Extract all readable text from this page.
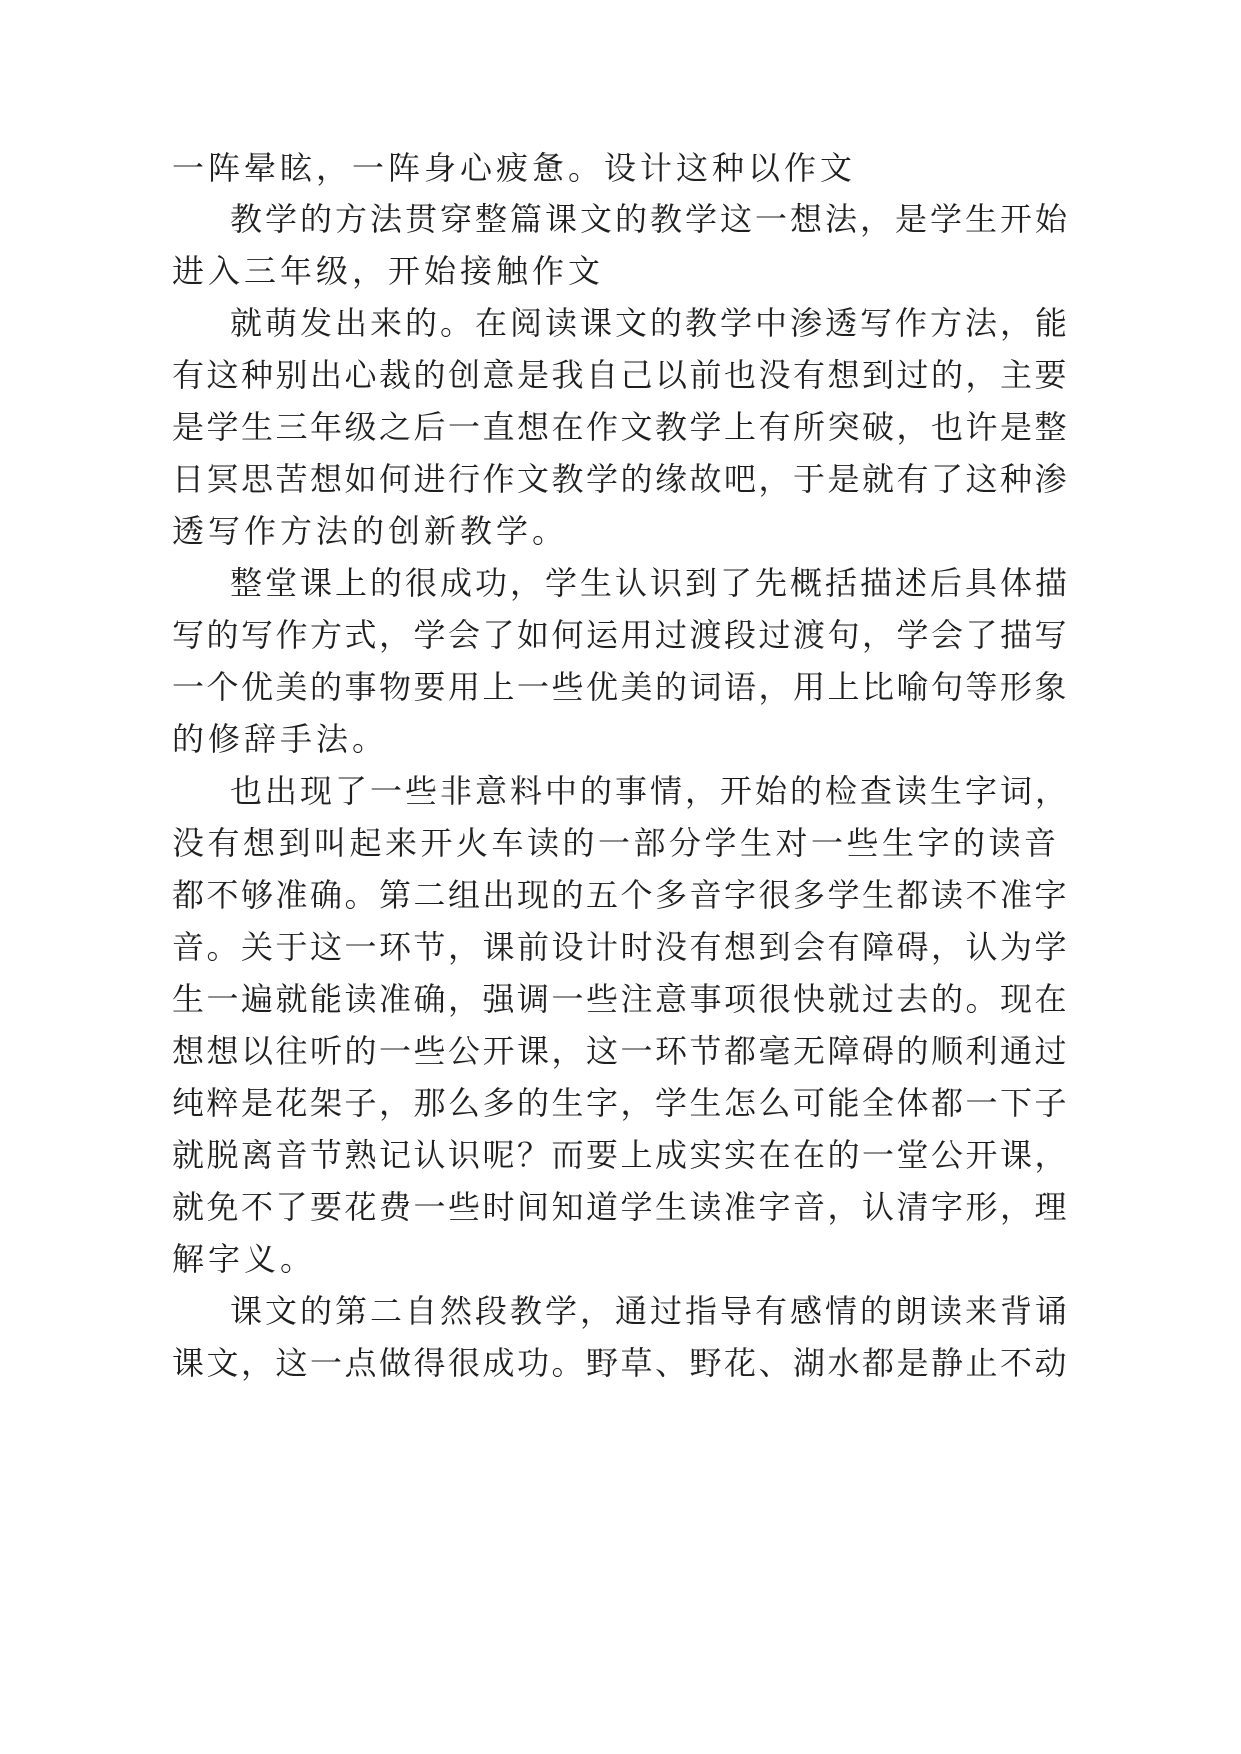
一阵晕眩，一阵身心疲惫。设计这种以作文
教学的方法贯穿整篇课文的教学这一想法，是学生开始
进入三年级，开始接触作文
就萌发出来的。在阅读课文的教学中渗透写作方法，能
有这种别出心裁的创意是我自己以前也没有想到过的，主要
是学生三年级之后一直想在作文教学上有所突破，也许是整
日冥思苦想如何进行作文教学的缘故吧，于是就有了这种渗
透写作方法的创新教学。
整堂课上的很成功，学生认识到了先概括描述后具体描
写的写作方式，学会了如何运用过渡段过渡句，学会了描写
一个优美的事物要用上一些优美的词语，用上比喻句等形象
的修辞手法。
也出现了一些非意料中的事情，开始的检查读生字词，
没有想到叫起来开火车读的一部分学生对一些生字的读音
都不够准确。第二组出现的五个多音字很多学生都读不准字
音。关于这一环节，课前设计时没有想到会有障碍，认为学
生一遍就能读准确，强调一些注意事项很快就过去的。现在
想想以往听的一些公开课，这一环节都毫无障碍的顺利通过
纯粹是花架子，那么多的生字，学生怎么可能全体都一下子
就脱离音节熟记认识呢？而要上成实实在在的一堂公开课，
就免不了要花费一些时间知道学生读准字音，认清字形，理
解字义。
课文的第二自然段教学，通过指导有感情的朗读来背诵
课文，这一点做得很成功。野草、野花、湖水都是静止不动
